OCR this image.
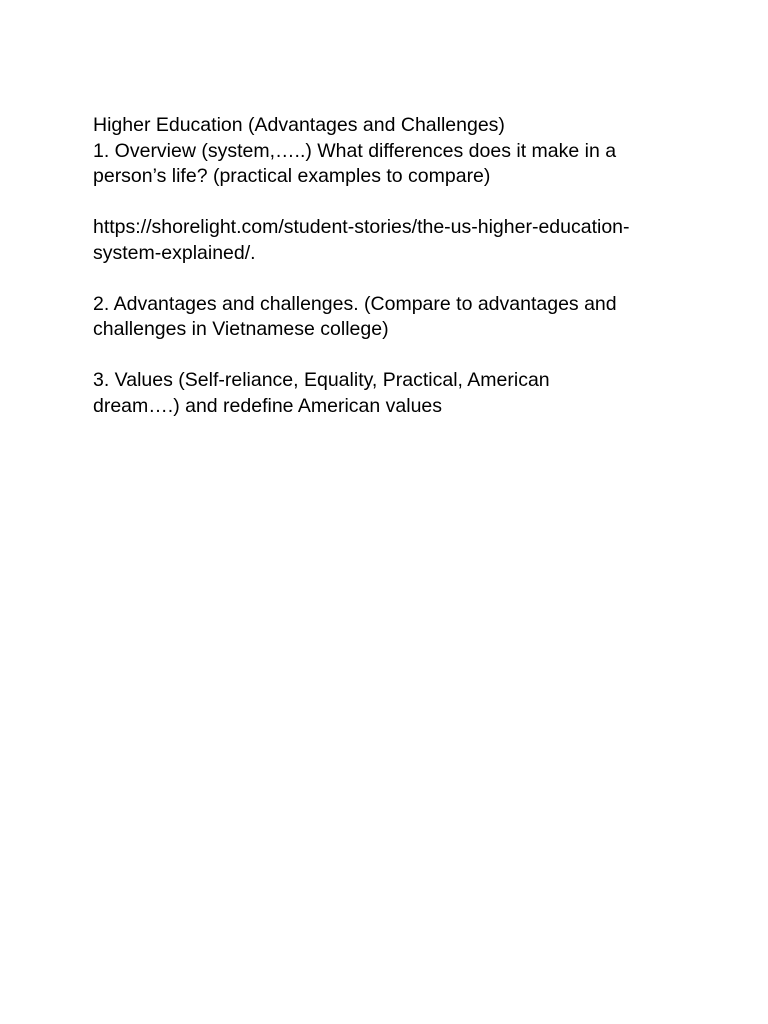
Higher Education (Advantages and Challenges)

1. Overview (system,…..) What differences does it make in a

person’s life? (practical examples to compare)

https://shorelight.com/student-stories/the-us-higher-education-

system-explained/.

2. Advantages and challenges. (Compare to advantages and

challenges in Vietnamese college)

3. Values (Self-reliance, Equality, Practical, American

dream….) and redefine American values
